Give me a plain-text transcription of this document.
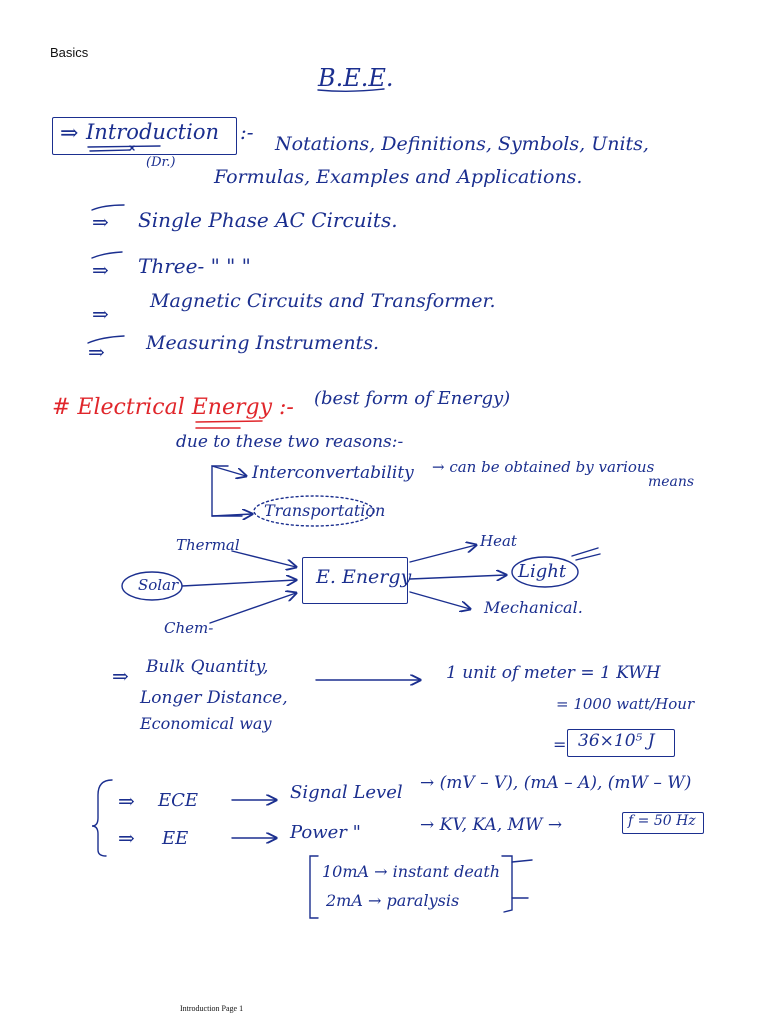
Basics
B.E.E.
⇒ Introduction :-
(Dr.)
Notations, Definitions, Symbols, Units,
Formulas, Examples and Applications.
⇒ Single Phase AC Circuits.
⇒ Three- " " "
⇒
Magnetic Circuits and Transformer.
⇒ Measuring Instruments.
# Electrical Energy :- (best form of Energy)
due to these two reasons:-
Interconvertability → can be obtained by various
means
Transportation
E. Energy
Thermal
Solar
Chem-
Heat
Light
Mechanical.
⇒ Bulk Quantity,
Longer Distance,
Economical way
1 unit of meter = 1 KWH
= 1000 watt/Hour
= 36×10⁵ J
⇒ ECE	Signal Level → (mV – V), (mA – A), (mW – W)
⇒ EE	Power "	→ KV, KA, MW →	f = 50 Hz
10mA → instant death
2mA → paralysis
Introduction Page 1
